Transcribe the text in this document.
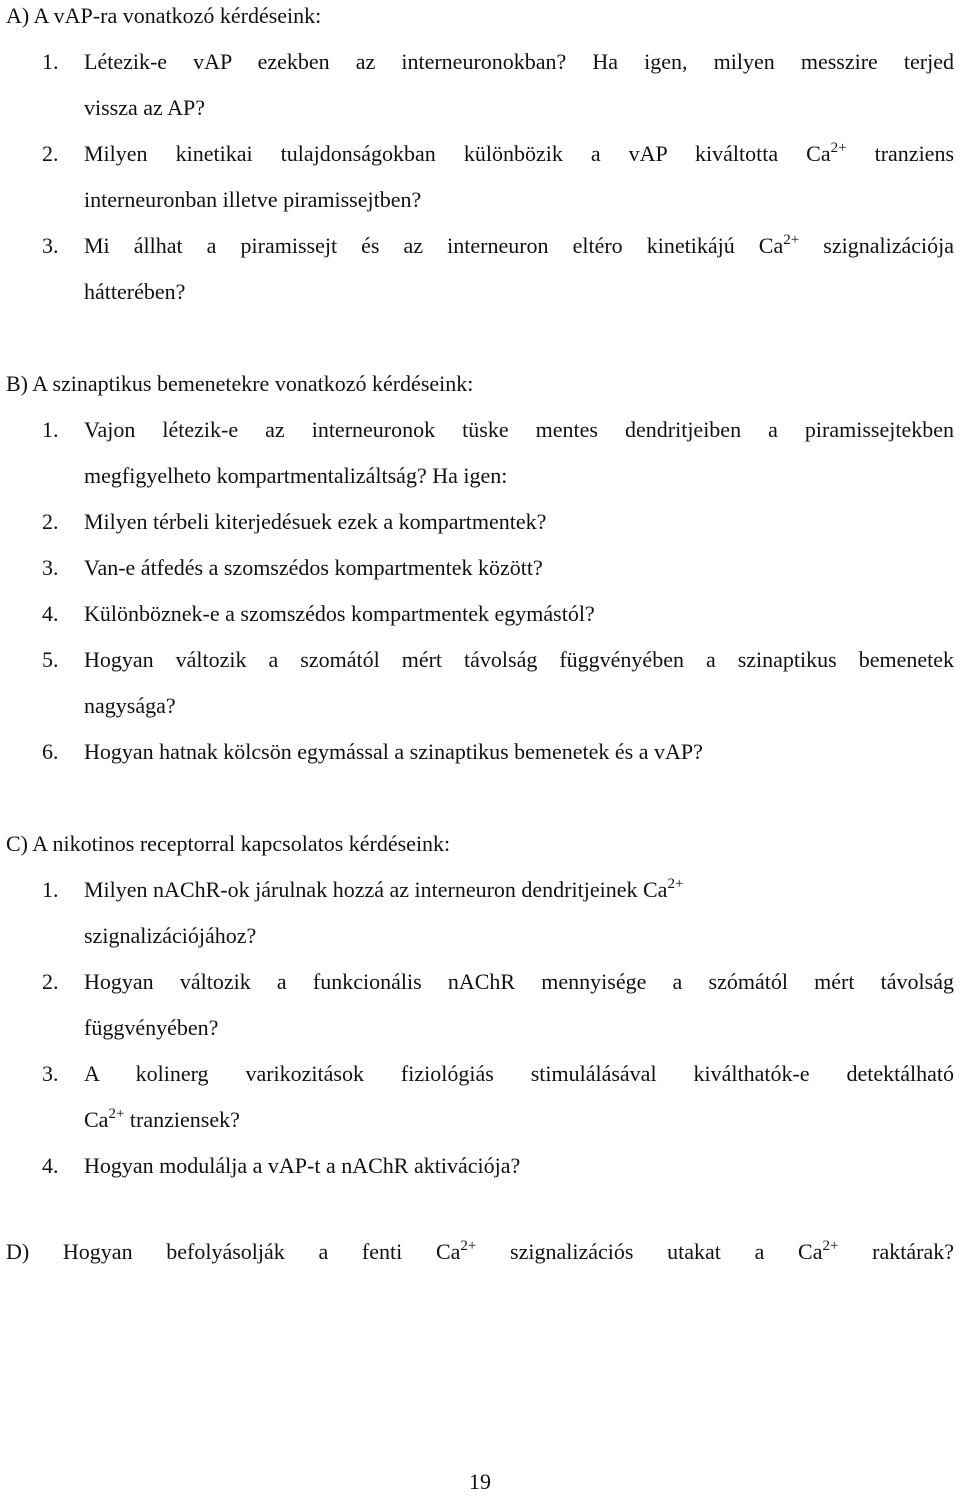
A) A vAP-ra vonatkozó kérdéseink:
1. Létezik-e vAP ezekben az interneuronokban? Ha igen, milyen messzire terjed
vissza az AP?
2. Milyen kinetikai tulajdonságokban különbözik a vAP kiváltotta $Ca^{2+}$ tranziens
interneuronban illetve piramissejtben?
3. Mi állhat a piramissejt és az interneuron eltéro kinetikájú $Ca^{2+}$ szignalizációja
hátterében?
B) A szinaptikus bemenetekre vonatkozó kérdéseink:
1. Vajon létezik-e az interneuronok tüske mentes dendritjeiben a piramissejtekben
megfigyelheto kompartmentalizáltság? Ha igen:
2. Milyen térbeli kiterjedésuek ezek a kompartmentek?
3. Van-e átfedés a szomszédos kompartmentek között?
4. Különböznek-e a szomszédos kompartmentek egymástól?
5. Hogyan változik a szomától mért távolság függvényében a szinaptikus bemenetek
nagysága?
6. Hogyan hatnak kölcsön egymással a szinaptikus bemenetek és a vAP?
C) A nikotinos receptorral kapcsolatos kérdéseink:
1. Milyen nAChR-ok járulnak hozzá az interneuron dendritjeinek $Ca^{2+}$
szignalizációjához?
2. Hogyan változik a funkcionális nAChR mennyisége a szómától mért távolság
függvényében?
3. A kolinerg varikozitások fiziológiás stimulálásával kiválthatók-e detektálható
$Ca^{2+}$ tranziensek?
4. Hogyan modulálja a vAP-t a nAChR aktivációja?
D) Hogyan befolyásolják a fenti $Ca^{2+}$ szignalizációs utakat a $Ca^{2+}$ raktárak?
19
